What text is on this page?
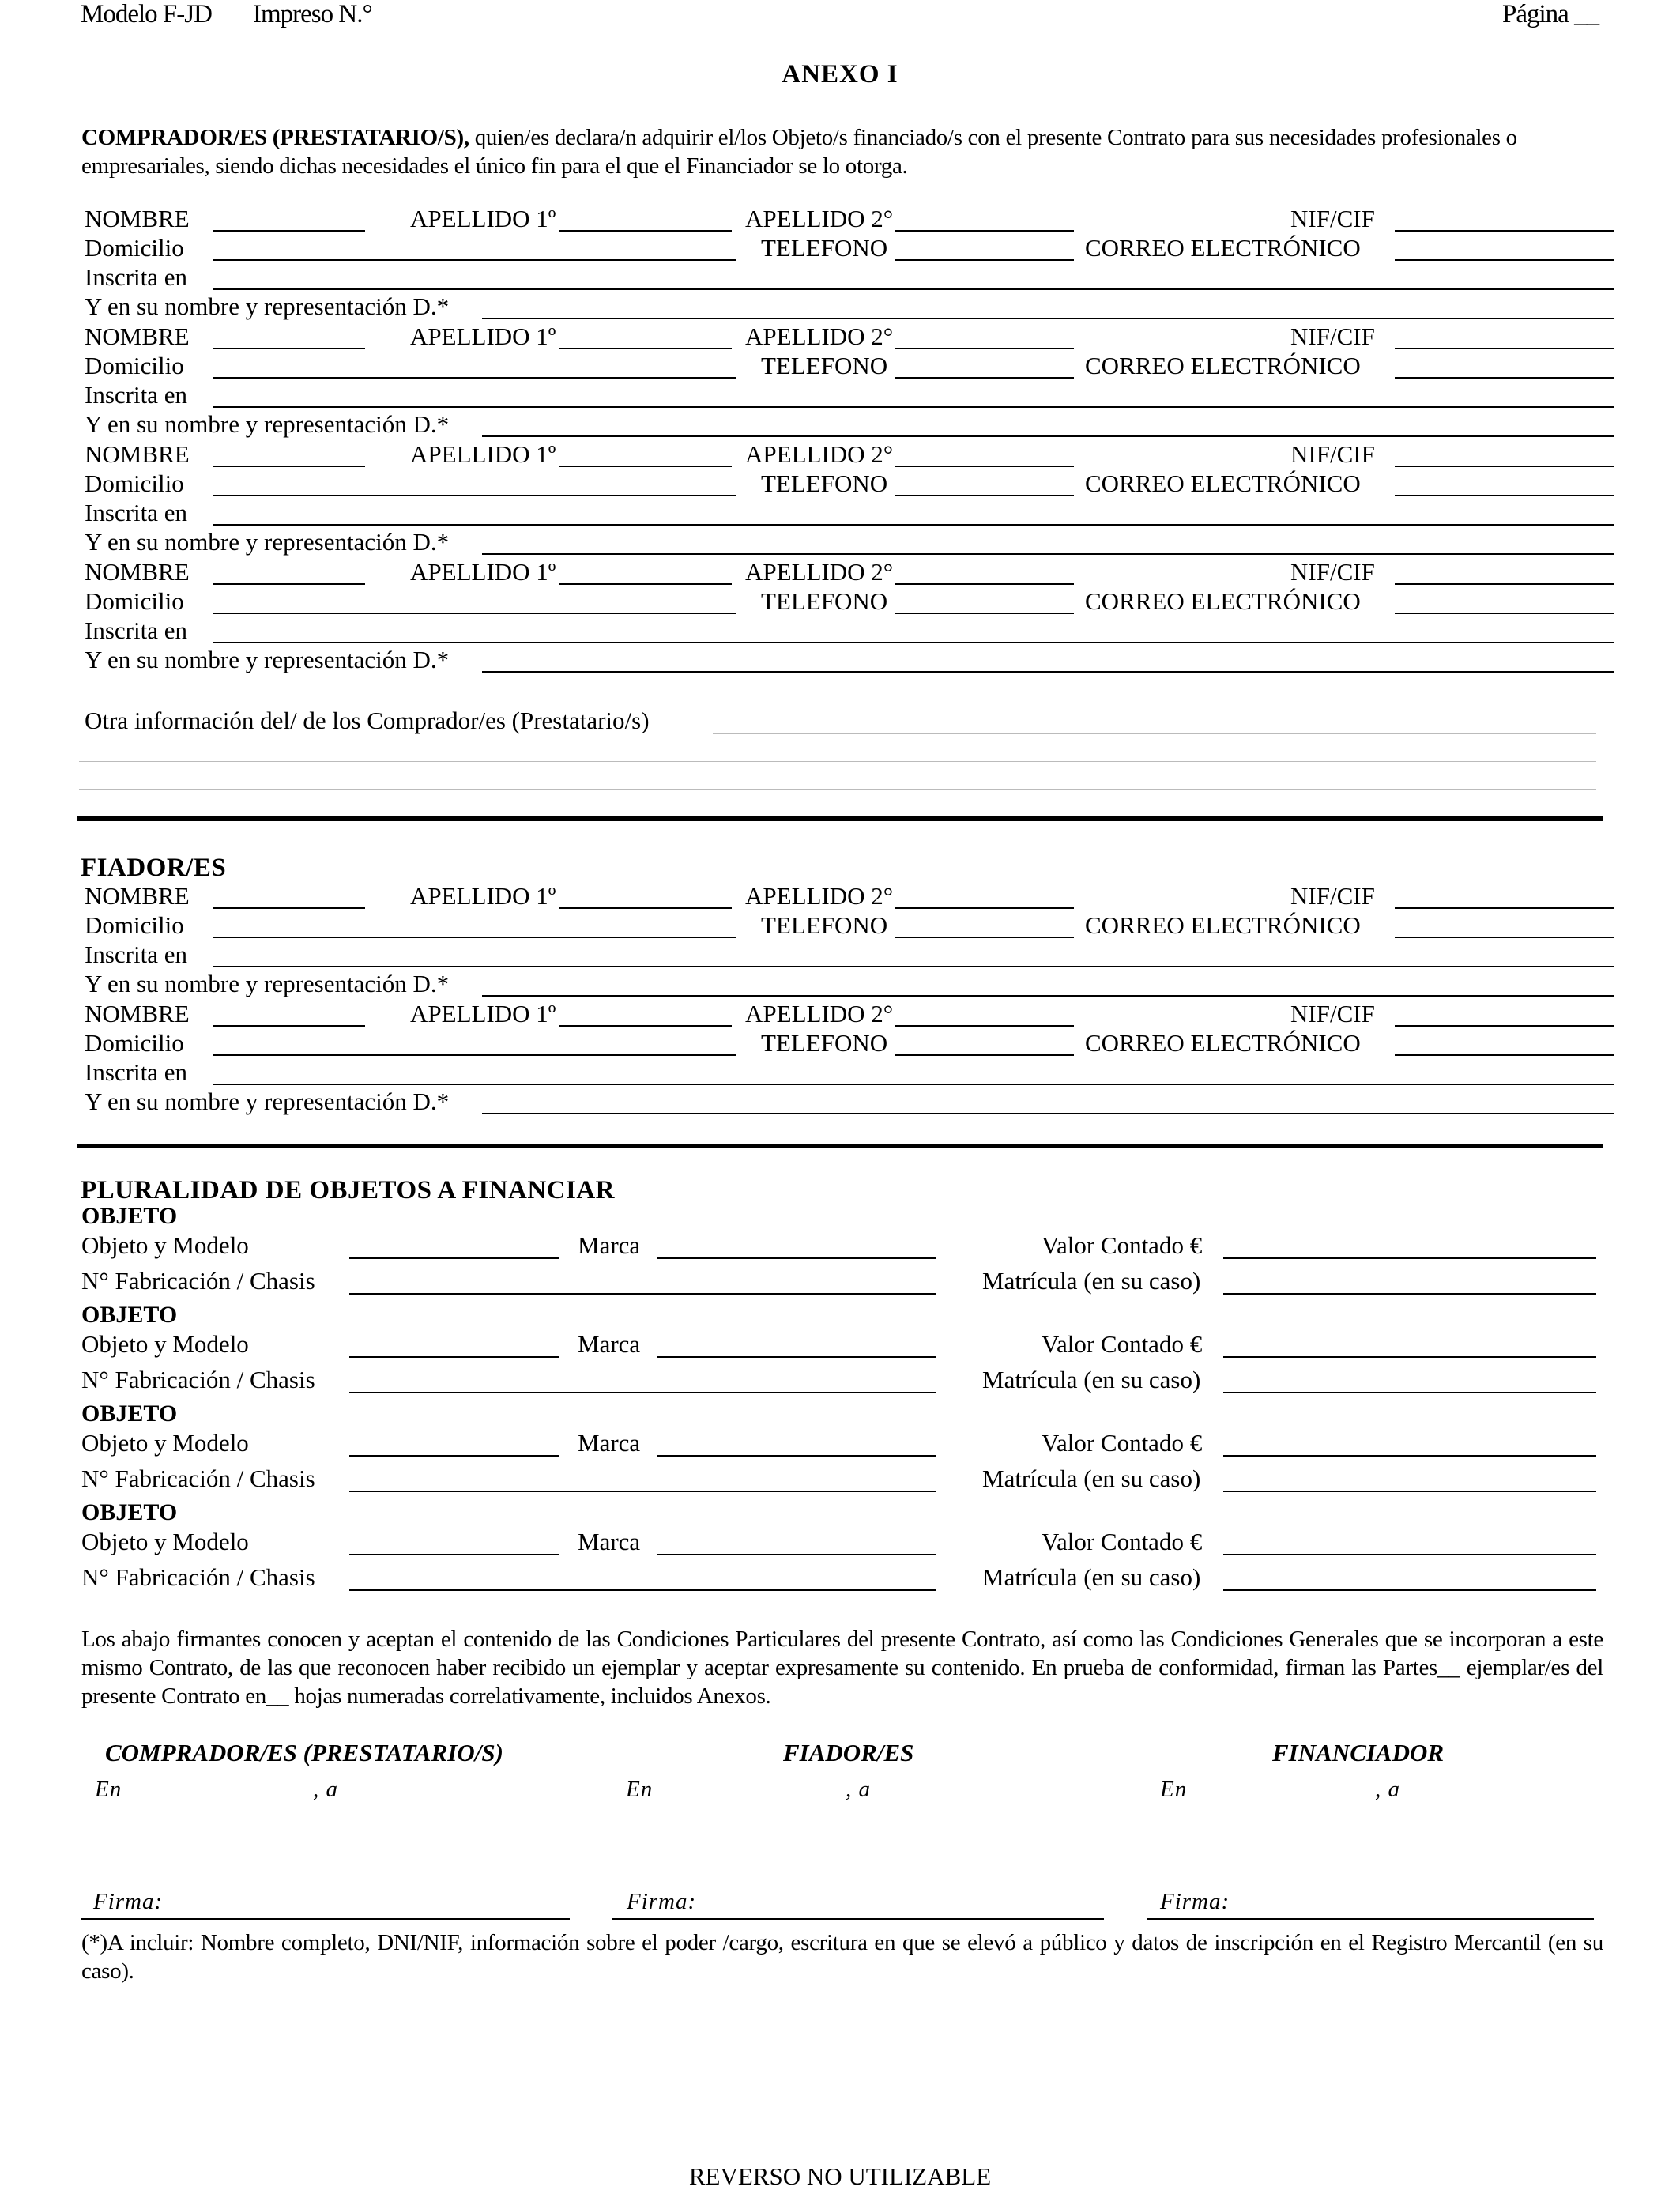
Modelo F-JD Impreso N.°	Página __
ANEXO I
COMPRADOR/ES (PRESTATARIO/S), quien/es declara/n adquirir el/los Objeto/s financiado/s con el presente Contrato para sus necesidades profesionales o empresariales, siendo dichas necesidades el único fin para el que el Financiador se lo otorga.
NOMBRE	APELLIDO 1º	APELLIDO 2°	NIF/CIF
Domicilio	TELEFONO	CORREO ELECTRÓNICO
Inscrita en
Y en su nombre y representación D.*
NOMBRE	APELLIDO 1º	APELLIDO 2°	NIF/CIF
Domicilio	TELEFONO	CORREO ELECTRÓNICO
Inscrita en
Y en su nombre y representación D.*
NOMBRE	APELLIDO 1º	APELLIDO 2°	NIF/CIF
Domicilio	TELEFONO	CORREO ELECTRÓNICO
Inscrita en
Y en su nombre y representación D.*
NOMBRE	APELLIDO 1º	APELLIDO 2°	NIF/CIF
Domicilio	TELEFONO	CORREO ELECTRÓNICO
Inscrita en
Y en su nombre y representación D.*
Otra información del/ de los Comprador/es (Prestatario/s)
FIADOR/ES
NOMBRE	APELLIDO 1º	APELLIDO 2°	NIF/CIF
Domicilio	TELEFONO	CORREO ELECTRÓNICO
Inscrita en
Y en su nombre y representación D.*
NOMBRE	APELLIDO 1º	APELLIDO 2°	NIF/CIF
Domicilio	TELEFONO	CORREO ELECTRÓNICO
Inscrita en
Y en su nombre y representación D.*
PLURALIDAD DE OBJETOS A FINANCIAR
OBJETO
Objeto y Modelo	Marca	Valor Contado €
N° Fabricación / Chasis	Matrícula (en su caso)
OBJETO
Objeto y Modelo	Marca	Valor Contado €
N° Fabricación / Chasis	Matrícula (en su caso)
OBJETO
Objeto y Modelo	Marca	Valor Contado €
N° Fabricación / Chasis	Matrícula (en su caso)
OBJETO
Objeto y Modelo	Marca	Valor Contado €
N° Fabricación / Chasis	Matrícula (en su caso)
Los abajo firmantes conocen y aceptan el contenido de las Condiciones Particulares del presente Contrato, así como las Condiciones Generales que se incorporan a este mismo Contrato, de las que reconocen haber recibido un ejemplar y aceptar expresamente su contenido. En prueba de conformidad, firman las Partes__ ejemplar/es del presente Contrato en__ hojas numeradas correlativamente, incluidos Anexos.
COMPRADOR/ES (PRESTATARIO/S)	FIADOR/ES	FINANCIADOR
En	, a	En	, a	En	, a
Firma:	Firma:	Firma:
(*)A incluir: Nombre completo, DNI/NIF, información sobre el poder /cargo, escritura en que se elevó a público y datos de inscripción en el Registro Mercantil (en su caso).
REVERSO NO UTILIZABLE
